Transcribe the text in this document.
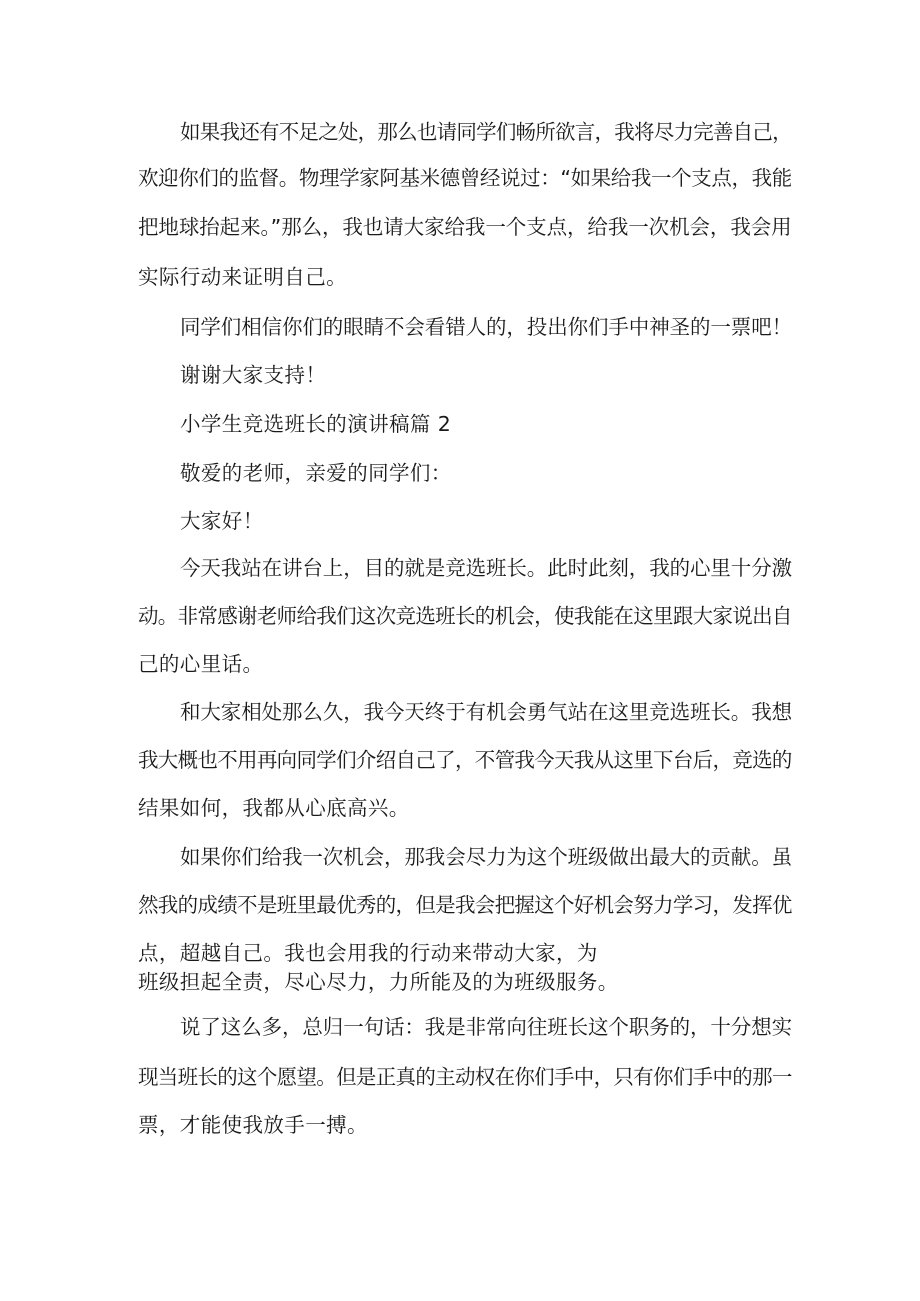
如果我还有不足之处，那么也请同学们畅所欲言，我将尽力完善自己，
欢迎你们的监督。物理学家阿基米德曾经说过：“如果给我一个支点，我能
把地球抬起来。”那么，我也请大家给我一个支点，给我一次机会，我会用
实际行动来证明自己。
同学们相信你们的眼睛不会看错人的，投出你们手中神圣的一票吧！
谢谢大家支持！
小学生竞选班长的演讲稿篇 2
敬爱的老师，亲爱的同学们：
大家好！
今天我站在讲台上，目的就是竞选班长。此时此刻，我的心里十分激
动。非常感谢老师给我们这次竞选班长的机会，使我能在这里跟大家说出自
己的心里话。
和大家相处那么久，我今天终于有机会勇气站在这里竞选班长。我想
我大概也不用再向同学们介绍自己了，不管我今天我从这里下台后，竞选的
结果如何，我都从心底高兴。
如果你们给我一次机会，那我会尽力为这个班级做出最大的贡献。虽
然我的成绩不是班里最优秀的，但是我会把握这个好机会努力学习，发挥优
点，超越自己。我也会用我的行动来带动大家，为
班级担起全责，尽心尽力，力所能及的为班级服务。
说了这么多，总归一句话：我是非常向往班长这个职务的，十分想实
现当班长的这个愿望。但是正真的主动权在你们手中，只有你们手中的那一
票，才能使我放手一搏。
